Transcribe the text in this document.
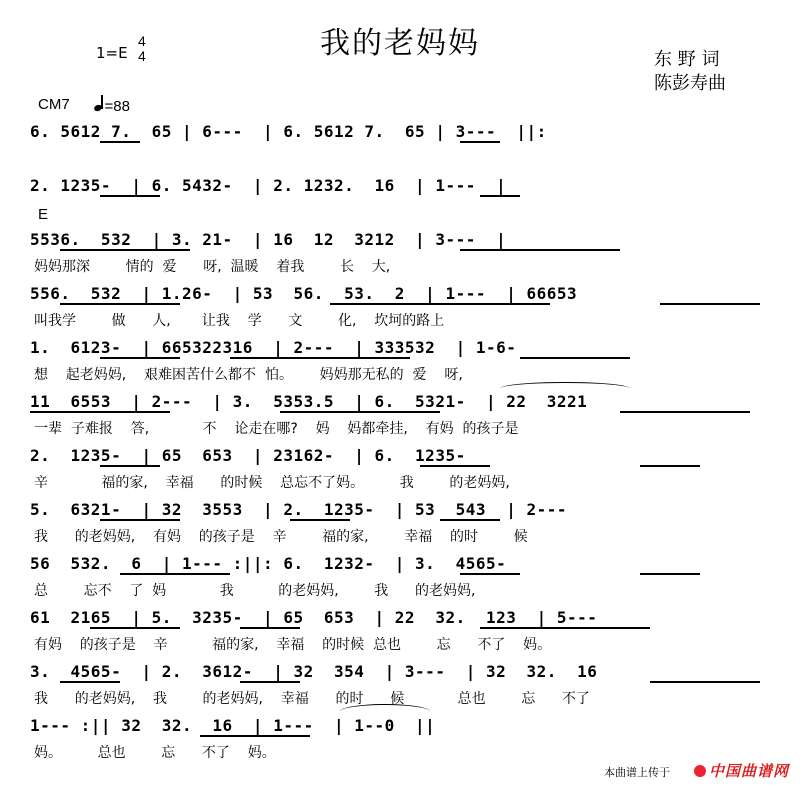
我的老妈妈
1=E
4
4	东 野 词
陈彭寿曲
CM7	=88
E
6. 5612 7.  65 | 6---  | 6. 5612 7.  65 | 3---  ||:
2. 1235-  | 6. 5432-  | 2. 1232.  16  | 1---  |
5536.  532  | 3. 21-  | 16  12  3212  | 3---  |
妈妈那深        情的  爱      呀,  温暖    着我        长    大,
556.  532  | 1.26-  | 53  56.  53.  2  | 1---  | 66653
叫我学        做      人,       让我    学      文        化,    坎坷的路上
1.  6123-  | 665322316  | 2---  | 333532  | 1-6-
想    起老妈妈,    艰难困苦什么都不  怕。      妈妈那无私的  爱    呀,
11  6553  | 2---  | 3.  5353.5  | 6.  5321-  | 22  3221
一辈  子难报    答,            不    论走在哪?    妈    妈都牵挂,    有妈  的孩子是
2.  1235-  | 65  653  | 23162-  | 6.  1235-
辛            福的家,    幸福      的时候    总忘不了妈。        我        的老妈妈,
5.  6321-  | 32  3553  | 2.  1235-  | 53  543  | 2---
我      的老妈妈,    有妈    的孩子是    辛        福的家,        幸福    的时        候
56  532.  6  | 1--- :||: 6.  1232-  | 3.  4565-
总        忘不    了  妈            我          的老妈妈,        我      的老妈妈,
61  2165  | 5.  3235-  | 65  653  | 22  32.  123  | 5---
有妈    的孩子是    辛          福的家,    幸福    的时候  总也        忘      不了    妈。
3.  4565-  | 2.  3612-  | 32  354  | 3---  | 32  32.  16
我      的老妈妈,    我        的老妈妈,    幸福      的时      候            总也        忘      不了
1--- :|| 32  32.  16  | 1---  | 1--0  ||
妈。        总也        忘      不了    妈。
本曲谱上传于	中国曲谱网
